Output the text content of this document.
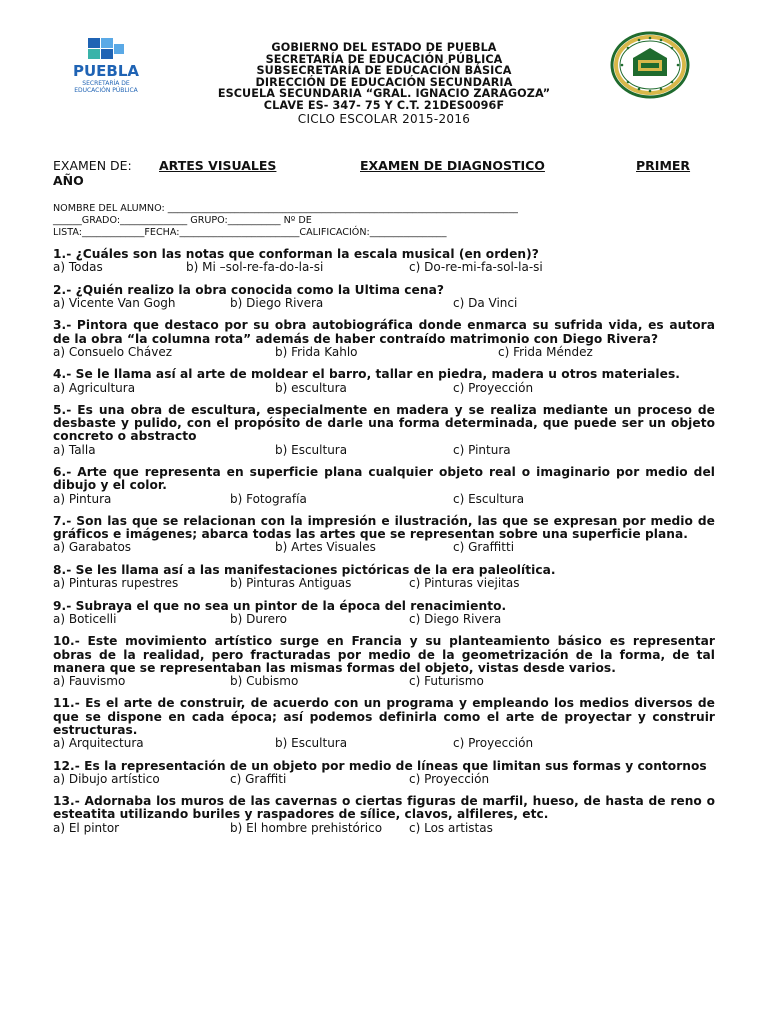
PUEBLA
SECRETARÍA DE
EDUCACIÓN PÚBLICA
GOBIERNO DEL ESTADO DE PUEBLA
SECRETARÍA DE EDUCACIÓN PÚBLICA
SUBSECRETARÍA DE EDUCACIÓN BÁSICA
DIRECCIÓN DE EDUCACIÓN SECUNDARIA
ESCUELA SECUNDARIA “GRAL. IGNACIO ZARAGOZA”
CLAVE ES- 347- 75 Y C.T. 21DES0096F
CICLO ESCOLAR 2015-2016
EXAMEN DE: ARTES VISUALES	EXAMEN DE DIAGNOSTICO	PRIMER
AÑO
NOMBRE DEL ALUMNO: _________________________________________________________________________
______GRADO:______________ GRUPO:___________ Nº DE
LISTA:_____________FECHA:_________________________CALIFICACIÓN:________________
1.- ¿Cuáles son las notas que conforman la escala musical (en orden)?
a) Todas	b) Mi –sol-re-fa-do-la-si	c) Do-re-mi-fa-sol-la-si
2.- ¿Quién realizo la obra conocida como la Ultima cena?
a) Vicente Van Gogh	b) Diego Rivera	c) Da Vinci
3.- Pintora que destaco por su obra autobiográfica donde enmarca su sufrida vida, es autora de la obra “la columna rota” además de haber contraído matrimonio con Diego Rivera?
a) Consuelo Chávez	b) Frida Kahlo	c) Frida Méndez
4.- Se le llama así al arte de moldear el barro, tallar en piedra, madera u otros materiales.
a) Agricultura	b) escultura	c) Proyección
5.- Es una obra de escultura, especialmente en madera y se realiza mediante un proceso de desbaste y pulido, con el propósito de darle una forma determinada, que puede ser un objeto concreto o abstracto
a) Talla	b) Escultura	c) Pintura
6.- Arte que representa en superficie plana cualquier objeto real o imaginario por medio del dibujo y el color.
a) Pintura	b) Fotografía	c) Escultura
7.- Son las que se relacionan con la impresión e ilustración, las que se expresan por medio de gráficos e imágenes; abarca todas las artes que se representan sobre una superficie plana.
a) Garabatos	b) Artes Visuales	c) Graffitti
8.- Se les llama así a las manifestaciones pictóricas de la era paleolítica.
a) Pinturas rupestres	b) Pinturas Antiguas	c) Pinturas viejitas
9.- Subraya el que no sea un pintor de la época del renacimiento.
a) Boticelli	b) Durero	c) Diego Rivera
10.- Este movimiento artístico surge en Francia y su planteamiento básico es representar obras de la realidad, pero fracturadas por medio de la geometrización de la forma, de tal manera que se representaban las mismas formas del objeto, vistas desde varios.
a) Fauvismo	b) Cubismo	c) Futurismo
11.- Es el arte de construir, de acuerdo con un programa y empleando los medios diversos de que se dispone en cada época; así podemos definirla como el arte de proyectar y construir estructuras.
a) Arquitectura	b) Escultura	c) Proyección
12.- Es la representación de un objeto por medio de líneas que limitan sus formas y contornos
a) Dibujo artístico	c) Graffiti	c) Proyección
13.- Adornaba los muros de las cavernas o ciertas figuras de marfil, hueso, de hasta de reno o esteatita utilizando buriles y raspadores de sílice, clavos, alfileres, etc.
a) El pintor	b) El hombre prehistórico c) Los artistas
